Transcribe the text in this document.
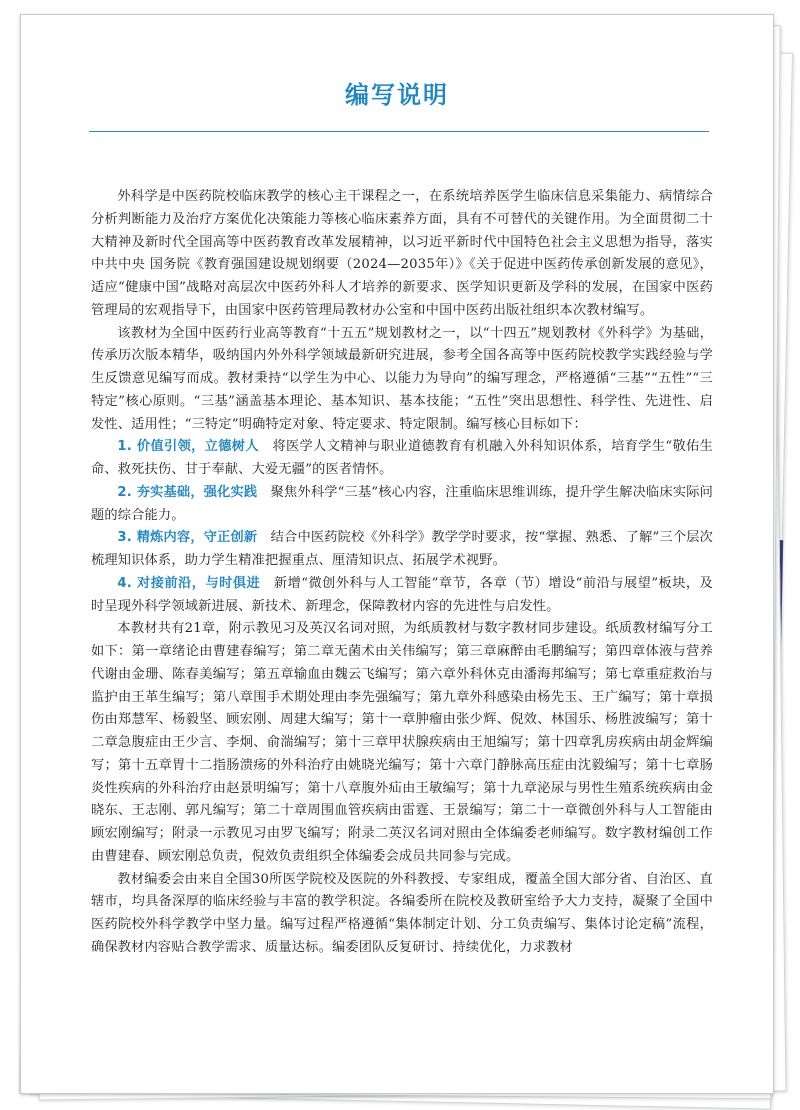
编写说明

外科学是中医药院校临床教学的核心主干课程之一，在系统培养医学生临床信息采集能力、病情综合分析判断能力及治疗方案优化决策能力等核心临床素养方面，具有不可替代的关键作用。为全面贯彻二十大精神及新时代全国高等中医药教育改革发展精神，以习近平新时代中国特色社会主义思想为指导，落实中共中央 国务院《教育强国建设规划纲要（2024—2035年）》《关于促进中医药传承创新发展的意见》，适应“健康中国”战略对高层次中医药外科人才培养的新要求、医学知识更新及学科的发展，在国家中医药管理局的宏观指导下，由国家中医药管理局教材办公室和中国中医药出版社组织本次教材编写。

该教材为全国中医药行业高等教育“十五五”规划教材之一，以“十四五”规划教材《外科学》为基础，传承历次版本精华，吸纳国内外外科学领域最新研究进展，参考全国各高等中医药院校教学实践经验与学生反馈意见编写而成。教材秉持“以学生为中心、以能力为导向”的编写理念，严格遵循“三基”“五性”“三特定”核心原则。“三基”涵盖基本理论、基本知识、基本技能；“五性”突出思想性、科学性、先进性、启发性、适用性；“三特定”明确特定对象、特定要求、特定限制。编写核心目标如下：

1. 价值引领，立德树人　 将医学人文精神与职业道德教育有机融入外科知识体系，培育学生“敬佑生命、救死扶伤、甘于奉献、大爱无疆”的医者情怀。

2. 夯实基础，强化实践　 聚焦外科学“三基”核心内容，注重临床思维训练，提升学生解决临床实际问题的综合能力。

3. 精炼内容，守正创新　 结合中医药院校《外科学》教学学时要求，按“掌握、熟悉、了解”三个层次梳理知识体系，助力学生精准把握重点、厘清知识点、拓展学术视野。

4. 对接前沿，与时俱进　 新增“微创外科与人工智能”章节，各章（节）增设“前沿与展望”板块，及时呈现外科学领域新进展、新技术、新理念，保障教材内容的先进性与启发性。

本教材共有21章，附示教见习及英汉名词对照，为纸质教材与数字教材同步建设。纸质教材编写分工如下：第一章绪论由曹建春编写；第二章无菌术由关伟编写；第三章麻醉由毛鹏编写；第四章体液与营养代谢由金珊、陈春美编写；第五章输血由魏云飞编写；第六章外科休克由潘海邦编写；第七章重症救治与监护由王革生编写；第八章围手术期处理由李先强编写；第九章外科感染由杨先玉、王广编写；第十章损伤由郑慧军、杨毅坚、顾宏刚、周建大编写；第十一章肿瘤由张少辉、倪效、林国乐、杨胜波编写；第十二章急腹症由王少言、李炯、俞湍编写；第十三章甲状腺疾病由王旭编写；第十四章乳房疾病由胡金辉编写；第十五章胃十二指肠溃疡的外科治疗由姚晓光编写；第十六章门静脉高压症由沈毅编写；第十七章肠炎性疾病的外科治疗由赵景明编写；第十八章腹外疝由王敏编写；第十九章泌尿与男性生殖系统疾病由金晓东、王志刚、郭凡编写；第二十章周围血管疾病由雷霆、王景编写；第二十一章微创外科与人工智能由顾宏刚编写；附录一示教见习由罗飞编写；附录二英汉名词对照由全体编委老师编写。数字教材编创工作由曹建春、顾宏刚总负责，倪效负责组织全体编委会成员共同参与完成。

教材编委会由来自全国30所医学院校及医院的外科教授、专家组成，覆盖全国大部分省、自治区、直辖市，均具备深厚的临床经验与丰富的教学积淀。各编委所在院校及教研室给予大力支持，凝聚了全国中医药院校外科学教学中坚力量。编写过程严格遵循“集体制定计划、分工负责编写、集体讨论定稿”流程，确保教材内容贴合教学需求、质量达标。编委团队反复研讨、持续优化，力求教材
